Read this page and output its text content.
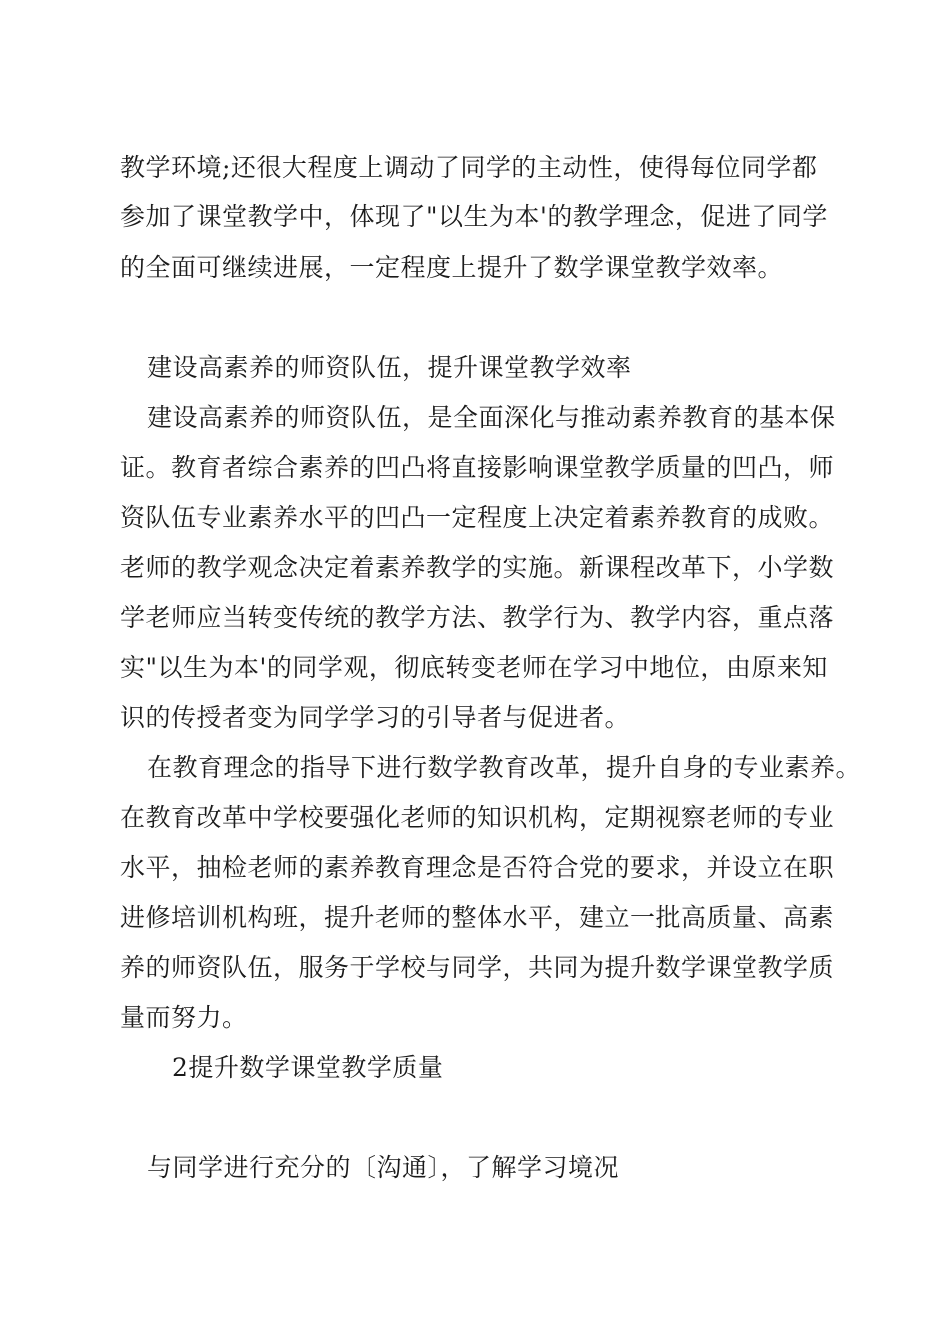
教学环境;还很大程度上调动了同学的主动性，使得每位同学都
参加了课堂教学中，体现了"以生为本'的教学理念，促进了同学
的全面可继续进展，一定程度上提升了数学课堂教学效率。
建设高素养的师资队伍，提升课堂教学效率
建设高素养的师资队伍，是全面深化与推动素养教育的基本保
证。教育者综合素养的凹凸将直接影响课堂教学质量的凹凸，师
资队伍专业素养水平的凹凸一定程度上决定着素养教育的成败。
老师的教学观念决定着素养教学的实施。新课程改革下，小学数
学老师应当转变传统的教学方法、教学行为、教学内容，重点落
实"以生为本'的同学观，彻底转变老师在学习中地位，由原来知
识的传授者变为同学学习的引导者与促进者。
在教育理念的指导下进行数学教育改革，提升自身的专业素养。
在教育改革中学校要强化老师的知识机构，定期视察老师的专业
水平，抽检老师的素养教育理念是否符合党的要求，并设立在职
进修培训机构班，提升老师的整体水平，建立一批高质量、高素
养的师资队伍，服务于学校与同学，共同为提升数学课堂教学质
量而努力。
2提升数学课堂教学质量
与同学进行充分的〔沟通〕，了解学习境况
